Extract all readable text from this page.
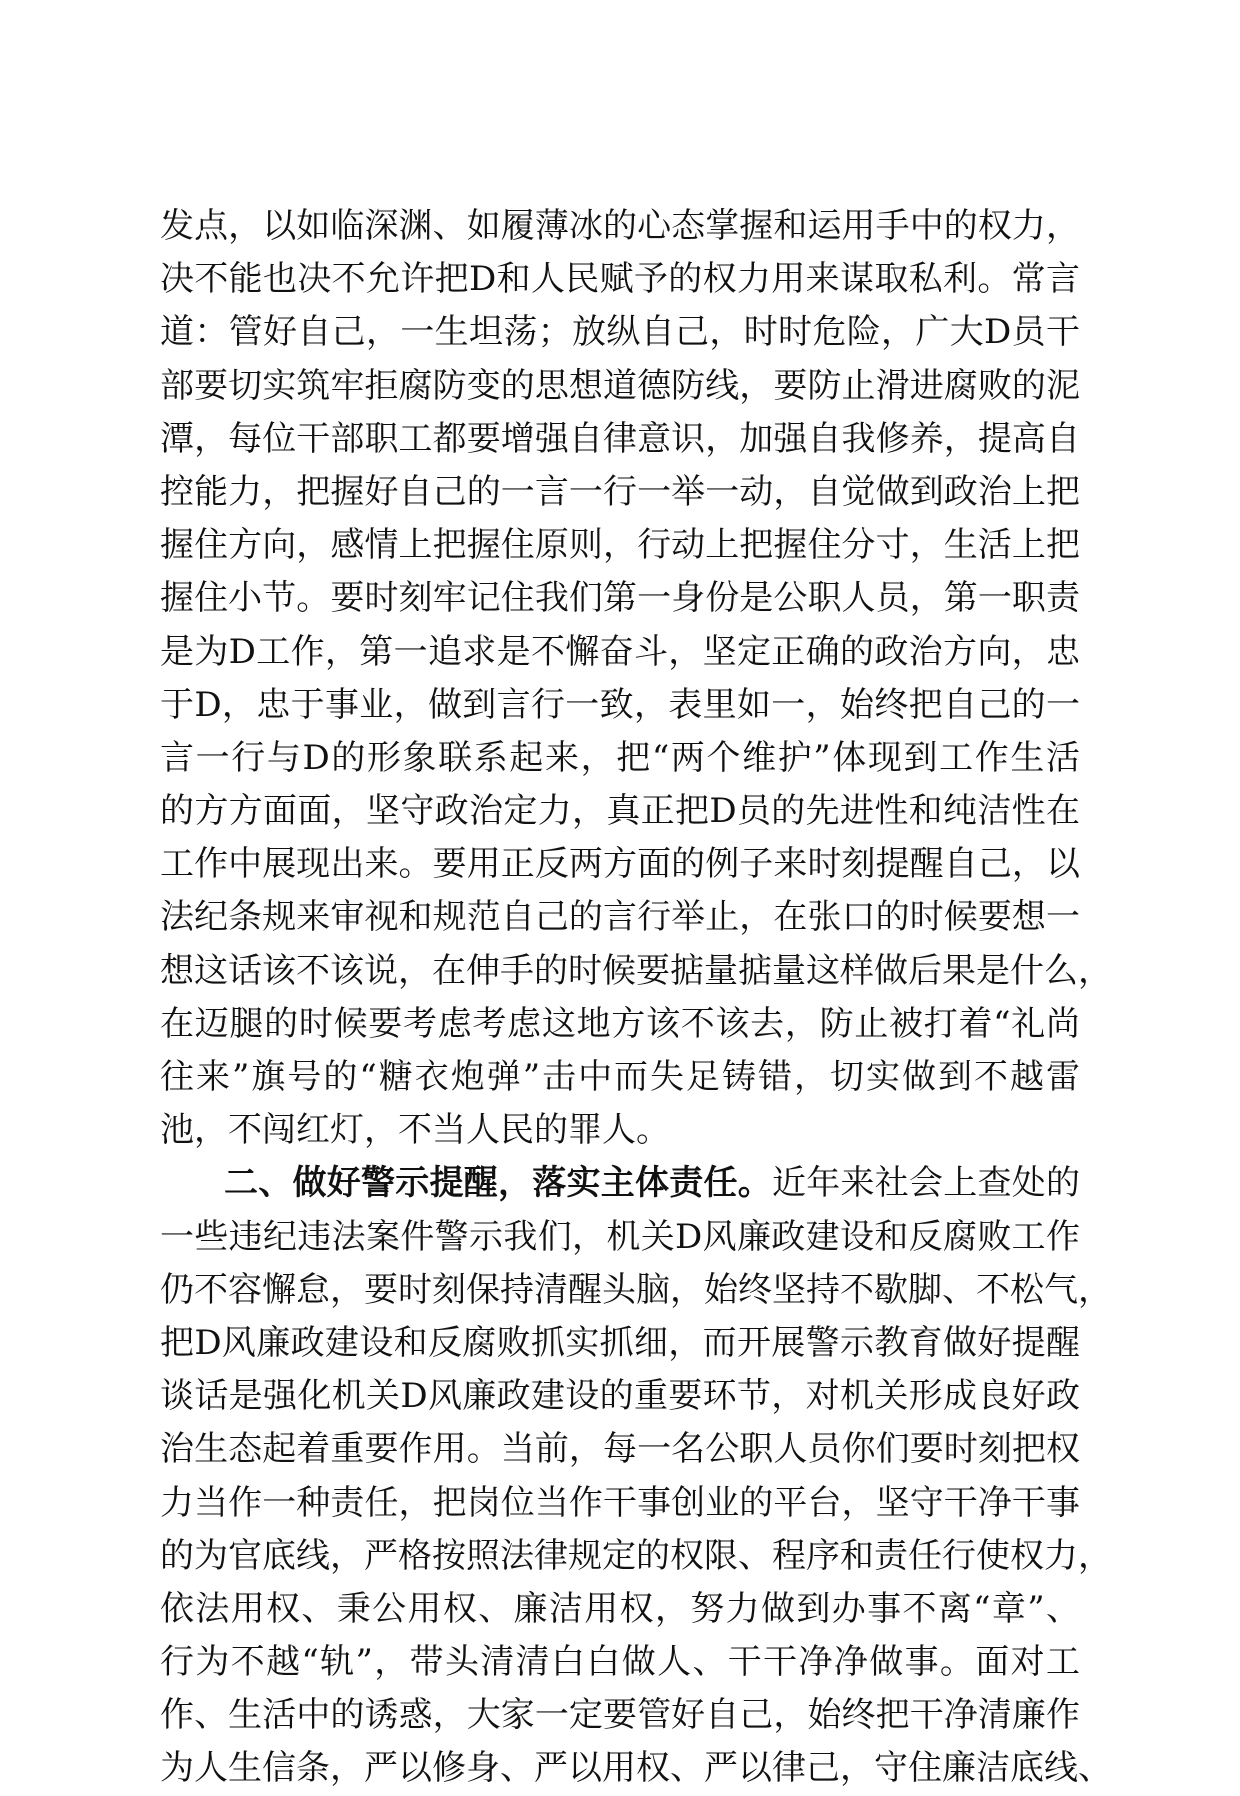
发点，以如临深渊、如履薄冰的心态掌握和运用手中的权力，
决不能也决不允许把D和人民赋予的权力用来谋取私利。常言
道：管好自己，一生坦荡；放纵自己，时时危险，广大D员干
部要切实筑牢拒腐防变的思想道德防线，要防止滑进腐败的泥
潭，每位干部职工都要增强自律意识，加强自我修养，提高自
控能力，把握好自己的一言一行一举一动，自觉做到政治上把
握住方向，感情上把握住原则，行动上把握住分寸，生活上把
握住小节。要时刻牢记住我们第一身份是公职人员，第一职责
是为D工作，第一追求是不懈奋斗，坚定正确的政治方向，忠
于D，忠于事业，做到言行一致，表里如一，始终把自己的一
言一行与D的形象联系起来，把“两个维护”体现到工作生活
的方方面面，坚守政治定力，真正把D员的先进性和纯洁性在
工作中展现出来。要用正反两方面的例子来时刻提醒自己，以
法纪条规来审视和规范自己的言行举止，在张口的时候要想一
想这话该不该说，在伸手的时候要掂量掂量这样做后果是什么，
在迈腿的时候要考虑考虑这地方该不该去，防止被打着“礼尚
往来”旗号的“糖衣炮弹”击中而失足铸错，切实做到不越雷
池，不闯红灯，不当人民的罪人。
二、做好警示提醒，落实主体责任。近年来社会上查处的
一些违纪违法案件警示我们，机关D风廉政建设和反腐败工作
仍不容懈怠，要时刻保持清醒头脑，始终坚持不歇脚、不松气，
把D风廉政建设和反腐败抓实抓细，而开展警示教育做好提醒
谈话是强化机关D风廉政建设的重要环节，对机关形成良好政
治生态起着重要作用。当前，每一名公职人员你们要时刻把权
力当作一种责任，把岗位当作干事创业的平台，坚守干净干事
的为官底线，严格按照法律规定的权限、程序和责任行使权力，
依法用权、秉公用权、廉洁用权，努力做到办事不离“章”、
行为不越“轨”，带头清清白白做人、干干净净做事。面对工
作、生活中的诱惑，大家一定要管好自己，始终把干净清廉作
为人生信条，严以修身、严以用权、严以律己，守住廉洁底线、
